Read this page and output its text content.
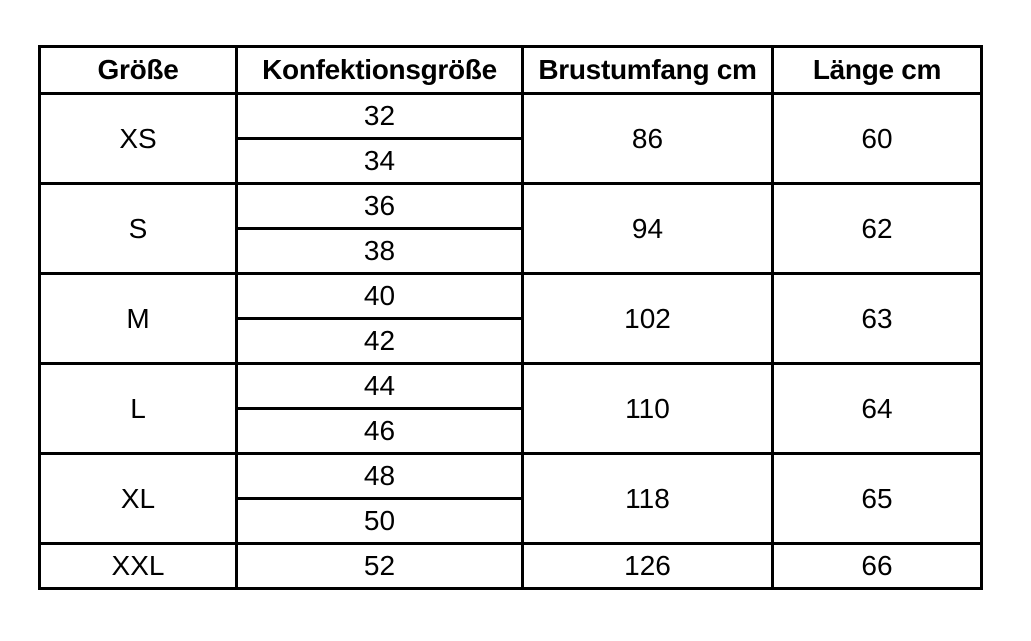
Größe	Konfektionsgröße	Brustumfang cm	Länge cm
XS	32	86	60
	34		
S	36	94	62
	38		
M	40	102	63
	42		
L	44	110	64
	46		
XL	48	118	65
	50		
XXL	52	126	66
